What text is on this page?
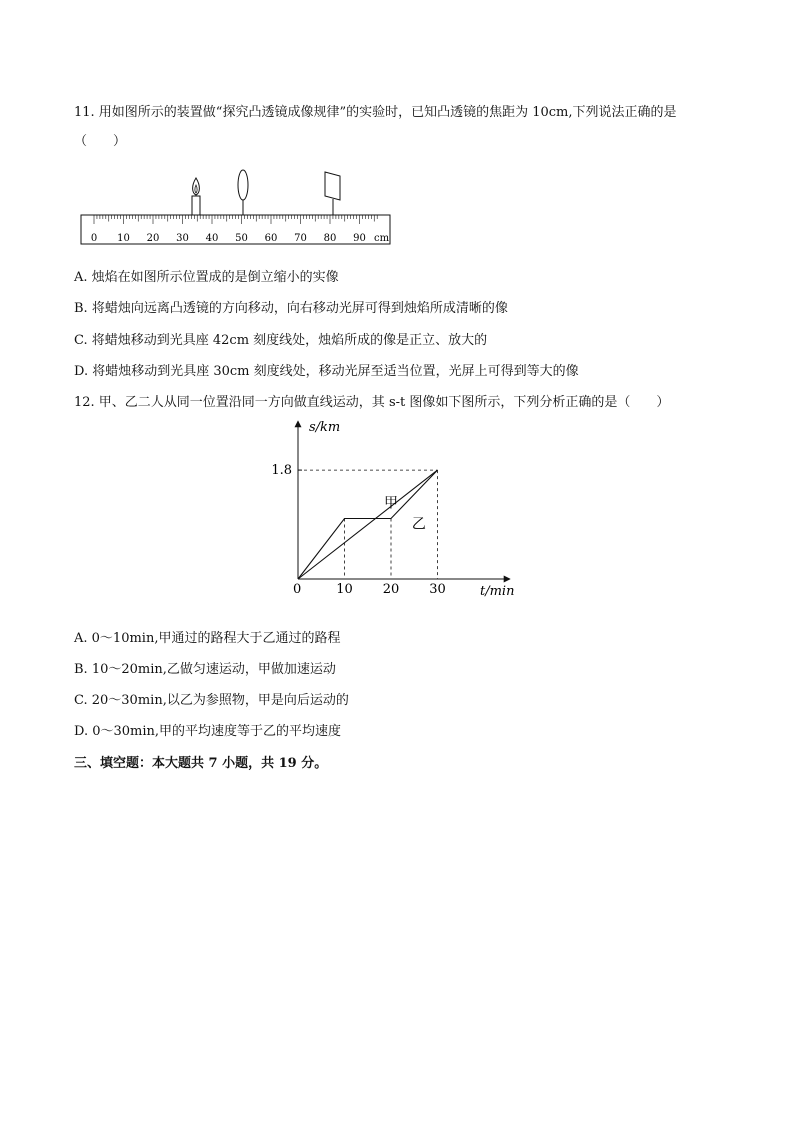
11. 用如图所示的装置做“探究凸透镜成像规律”的实验时，已知凸透镜的焦距为 10cm,下列说法正确的是
（　　）
0 10 20 30 40 50 60 70 80 90 cm
A. 烛焰在如图所示位置成的是倒立缩小的实像
B. 将蜡烛向远离凸透镜的方向移动，向右移动光屏可得到烛焰所成清晰的像
C. 将蜡烛移动到光具座 42cm 刻度线处，烛焰所成的像是正立、放大的
D. 将蜡烛移动到光具座 30cm 刻度线处，移动光屏至适当位置，光屏上可得到等大的像
12. 甲、乙二人从同一位置沿同一方向做直线运动，其 s-t 图像如下图所示，下列分析正确的是（　　）
s/km
t/min
0
1.8
10 20 30
甲
乙
A. 0～10min,甲通过的路程大于乙通过的路程
B. 10～20min,乙做匀速运动，甲做加速运动
C. 20～30min,以乙为参照物，甲是向后运动的
D. 0～30min,甲的平均速度等于乙的平均速度
三、填空题：本大题共 7 小题，共 19 分。
